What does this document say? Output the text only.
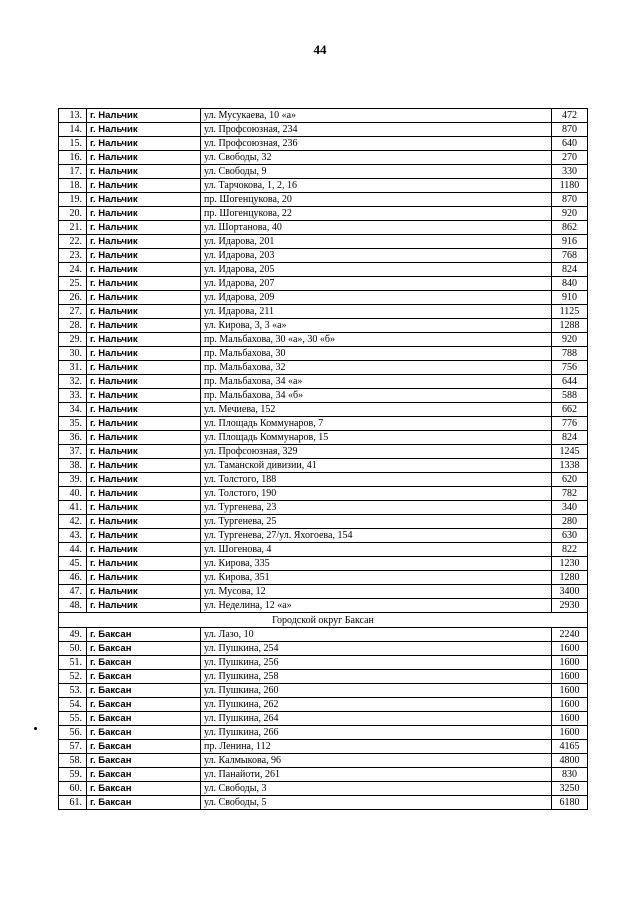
44
13.	г. Нальчик	ул. Мусукаева, 10 «а»	472
14.	г. Нальчик	ул. Профсоюзная, 234	870
15.	г. Нальчик	ул. Профсоюзная, 236	640
16.	г. Нальчик	ул. Свободы, 32	270
17.	г. Нальчик	ул. Свободы, 9	330
18.	г. Нальчик	ул. Тарчокова, 1, 2, 16	1180
19.	г. Нальчик	пр. Шогенцукова, 20	870
20.	г. Нальчик	пр. Шогенцукова, 22	920
21.	г. Нальчик	ул. Шортанова, 40	862
22.	г. Нальчик	ул. Идарова, 201	916
23.	г. Нальчик	ул. Идарова, 203	768
24.	г. Нальчик	ул. Идарова, 205	824
25.	г. Нальчик	ул. Идарова, 207	840
26.	г. Нальчик	ул. Идарова, 209	910
27.	г. Нальчик	ул. Идарова, 211	1125
28.	г. Нальчик	ул. Кирова, 3, 3 «а»	1288
29.	г. Нальчик	пр. Мальбахова, 30 «а», 30 «б»	920
30.	г. Нальчик	пр. Мальбахова, 30	788
31.	г. Нальчик	пр. Мальбахова, 32	756
32.	г. Нальчик	пр. Мальбахова, 34 «а»	644
33.	г. Нальчик	пр. Мальбахова, 34 «б»	588
34.	г. Нальчик	ул. Мечиева, 152	662
35.	г. Нальчик	ул. Площадь Коммунаров, 7	776
36.	г. Нальчик	ул. Площадь Коммунаров, 15	824
37.	г. Нальчик	ул. Профсоюзная, 329	1245
38.	г. Нальчик	ул. Таманской дивизии, 41	1338
39.	г. Нальчик	ул. Толстого, 188	620
40.	г. Нальчик	ул. Толстого, 190	782
41.	г. Нальчик	ул. Тургенева, 23	340
42.	г. Нальчик	ул. Тургенева, 25	280
43.	г. Нальчик	ул. Тургенева, 27/ул. Яхогоева, 154	630
44.	г. Нальчик	ул. Шогенова, 4	822
45.	г. Нальчик	ул. Кирова, 335	1230
46.	г. Нальчик	ул. Кирова, 351	1280
47.	г. Нальчик	ул. Мусова, 12	3400
48.	г. Нальчик	ул. Неделина, 12 «а»	2930
Городской округ Баксан			
49.	г. Баксан	ул. Лазо, 10	2240
50.	г. Баксан	ул. Пушкина, 254	1600
51.	г. Баксан	ул. Пушкина, 256	1600
52.	г. Баксан	ул. Пушкина, 258	1600
53.	г. Баксан	ул. Пушкина, 260	1600
54.	г. Баксан	ул. Пушкина, 262	1600
55.	г. Баксан	ул. Пушкина, 264	1600
56.	г. Баксан	ул. Пушкина, 266	1600
57.	г. Баксан	пр. Ленина, 112	4165
58.	г. Баксан	ул. Калмыкова, 96	4800
59.	г. Баксан	ул. Панайоти, 261	830
60.	г. Баксан	ул. Свободы, 3	3250
61.	г. Баксан	ул. Свободы, 5	6180
